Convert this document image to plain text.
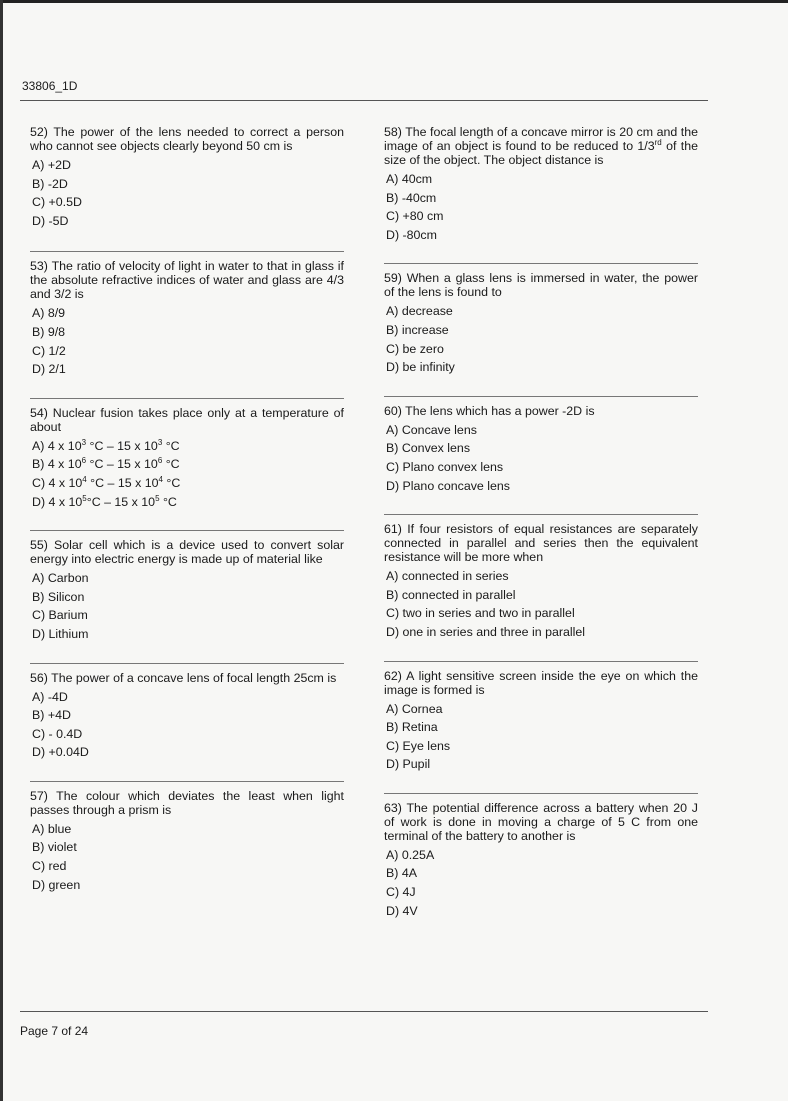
33806_1D
52) The power of the lens needed to correct a person who cannot see objects clearly beyond 50 cm is
A) +2D
B) -2D
C) +0.5D
D) -5D
53) The ratio of velocity of light in water to that in glass if the absolute refractive indices of water and glass are 4/3 and 3/2 is
A) 8/9
B) 9/8
C) 1/2
D) 2/1
54) Nuclear fusion takes place only at a temperature of about
A) 4 x $10^3$ °C – 15 x $10^3$ °C
B) 4 x $10^6$ °C – 15 x $10^6$ °C
C) 4 x $10^4$ °C – 15 x $10^4$ °C
D) 4 x $10^5^\circ C - 15$ x $10^5$ °C
55) Solar cell which is a device used to convert solar energy into electric energy is made up of material like
A) Carbon
B) Silicon
C) Barium
D) Lithium
56) The power of a concave lens of focal length 25cm is
A) -4D
B) +4D
C) - 0.4D
D) +0.04D
57) The colour which deviates the least when light passes through a prism is
A) blue
B) violet
C) red
D) green
58) The focal length of a concave mirror is 20 cm and the image of an object is found to be reduced to 1/3rd of the size of the object. The object distance is
A) 40cm
B) -40cm
C) +80 cm
D) -80cm
59) When a glass lens is immersed in water, the power of the lens is found to
A) decrease
B) increase
C) be zero
D) be infinity
60) The lens which has a power -2D is
A) Concave lens
B) Convex lens
C) Plano convex lens
D) Plano concave lens
61) If four resistors of equal resistances are separately connected in parallel and series then the equivalent resistance will be more when
A) connected in series
B) connected in parallel
C) two in series and two in parallel
D) one in series and three in parallel
62) A light sensitive screen inside the eye on which the image is formed is
A) Cornea
B) Retina
C) Eye lens
D) Pupil
63) The potential difference across a battery when 20 J of work is done in moving a charge of 5 C from one terminal of the battery to another is
A) 0.25A
B) 4A
C) 4J
D) 4V
Page 7 of 24
